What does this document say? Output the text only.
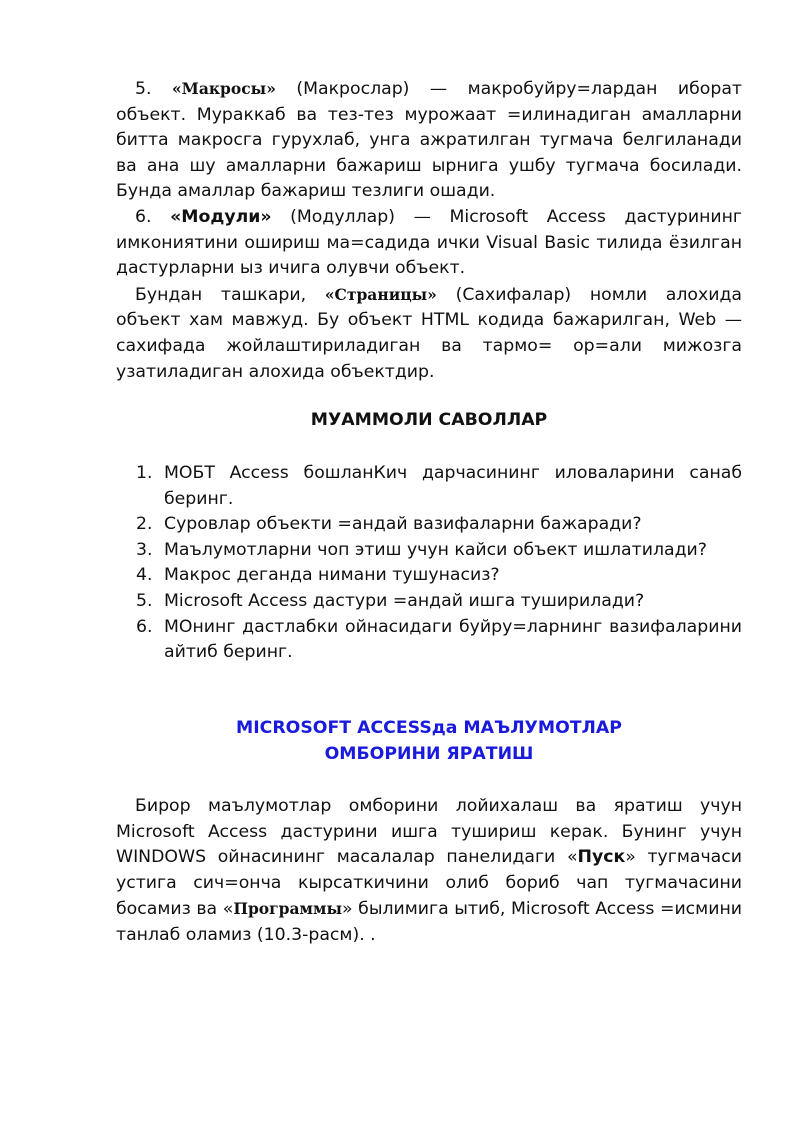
5. «Макросы» (Макрослар) — макробуйру=лардан иборат объект. Мураккаб ва тез-тез мурожаат =илинадиган амалларни битта макросга гурухлаб, унга ажратилган тугмача белгиланади ва ана шу амалларни бажариш ырнига ушбу тугмача босилади. Бунда амаллар бажариш тезлиги ошади.

6. «Модули» (Модуллар) — Microsoft Access дастурининг имкониятини ошириш ма=садида ички Visual Basic тилида ёзилган дастурларни ыз ичига олувчи объект.

Бундан ташкари, «Страницы» (Сахифалар) номли алохида объект хам мавжуд. Бу объект HTML кодида бажарилган, Web — сахифада жойлаштириладиган ва тармо= ор=али мижозга узатиладиган алохида объектдир.

МУАММОЛИ САВОЛЛАР
1. МОБТ Access бошланКич дарчасининг иловаларини санаб беринг.
2. Суровлар объекти =андай вазифаларни бажаради?
3. Маълумотларни чоп этиш учун кайси объект ишлатилади?
4. Макрос деганда нимани тушунасиз?
5. Microsoft Access дастури =андай ишга туширилади?
6. МОнинг дастлабки ойнасидаги буйру=ларнинг вазифаларини айтиб беринг.
MICROSOFT ACCESSда МАЪЛУМОТЛАР
ОМБОРИНИ ЯРАТИШ

Бирор маълумотлар омборини лойихалаш ва яратиш учун Microsoft Access дастурини ишга тушириш керак. Бунинг учун WINDOWS ойнасининг масалалар панелидаги «Пуск» тугмачаси устига сич=онча кырсаткичини олиб бориб чап тугмачасини босамиз ва «Программы» былимига ытиб, Microsoft Access =исмини танлаб оламиз (10.3-расм). .
